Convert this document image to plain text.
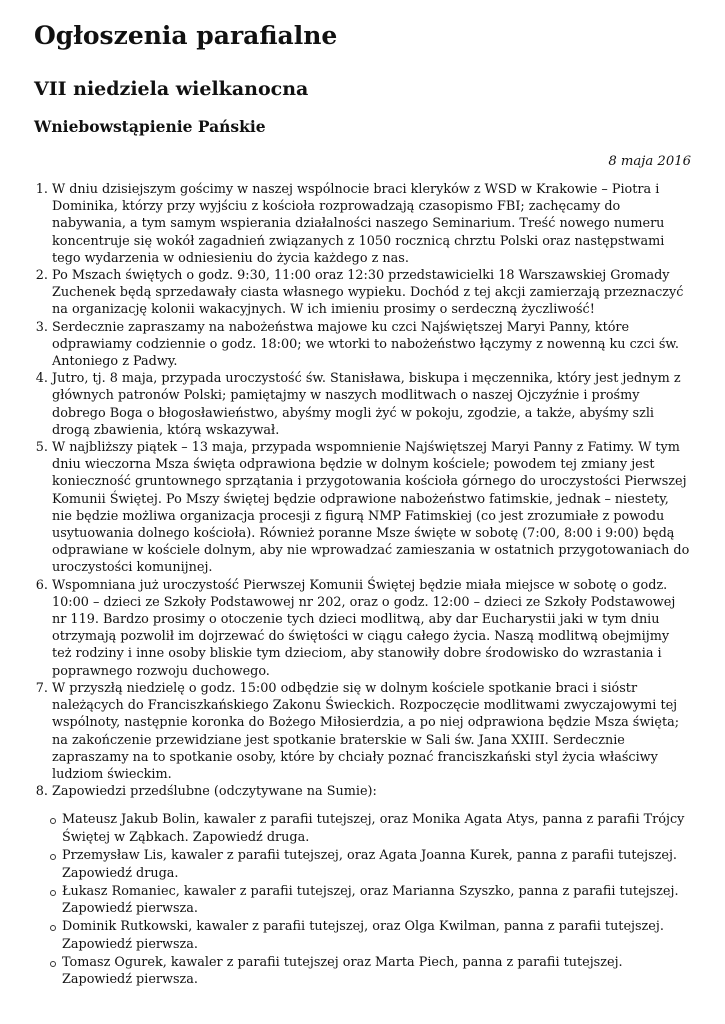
Ogłoszenia parafialne
VII niedziela wielkanocna
Wniebowstąpienie Pańskie
8 maja 2016
1. W dniu dzisiejszym gościmy w naszej wspólnocie braci kleryków z WSD w Krakowie – Piotra i Dominika, którzy przy wyjściu z kościoła rozprowadzają czasopismo FBI; zachęcamy do nabywania, a tym samym wspierania działalności naszego Seminarium. Treść nowego numeru koncentruje się wokół zagadnień związanych z 1050 rocznicą chrztu Polski oraz następstwami tego wydarzenia w odniesieniu do życia każdego z nas.
2. Po Mszach świętych o godz. 9:30, 11:00 oraz 12:30 przedstawicielki 18 Warszawskiej Gromady Zuchenek będą sprzedawały ciasta własnego wypieku. Dochód z tej akcji zamierzają przeznaczyć na organizację kolonii wakacyjnych. W ich imieniu prosimy o serdeczną życzliwość!
3. Serdecznie zapraszamy na nabożeństwa majowe ku czci Najświętszej Maryi Panny, które odprawiamy codziennie o godz. 18:00; we wtorki to nabożeństwo łączymy z nowenną ku czci św. Antoniego z Padwy.
4. Jutro, tj. 8 maja, przypada uroczystość św. Stanisława, biskupa i męczennika, który jest jednym z głównych patronów Polski; pamiętajmy w naszych modlitwach o naszej Ojczyźnie i prośmy dobrego Boga o błogosławieństwo, abyśmy mogli żyć w pokoju, zgodzie, a także, abyśmy szli drogą zbawienia, którą wskazywał.
5. W najbliższy piątek – 13 maja, przypada wspomnienie Najświętszej Maryi Panny z Fatimy. W tym dniu wieczorna Msza święta odprawiona będzie w dolnym kościele; powodem tej zmiany jest konieczność gruntownego sprzątania i przygotowania kościoła górnego do uroczystości Pierwszej Komunii Świętej. Po Mszy świętej będzie odprawione nabożeństwo fatimskie, jednak – niestety, nie będzie możliwa organizacja procesji z figurą NMP Fatimskiej (co jest zrozumiałe z powodu usytuowania dolnego kościoła). Również poranne Msze święte w sobotę (7:00, 8:00 i 9:00) będą odprawiane w kościele dolnym, aby nie wprowadzać zamieszania w ostatnich przygotowaniach do uroczystości komunijnej.
6. Wspomniana już uroczystość Pierwszej Komunii Świętej będzie miała miejsce w sobotę o godz. 10:00 – dzieci ze Szkoły Podstawowej nr 202, oraz o godz. 12:00 – dzieci ze Szkoły Podstawowej nr 119. Bardzo prosimy o otoczenie tych dzieci modlitwą, aby dar Eucharystii jaki w tym dniu otrzymają pozwolił im dojrzewać do świętości w ciągu całego życia. Naszą modlitwą obejmijmy też rodziny i inne osoby bliskie tym dzieciom, aby stanowiły dobre środowisko do wzrastania i poprawnego rozwoju duchowego.
7. W przyszłą niedzielę o godz. 15:00 odbędzie się w dolnym kościele spotkanie braci i sióstr należących do Franciszkańskiego Zakonu Świeckich. Rozpoczęcie modlitwami zwyczajowymi tej wspólnoty, następnie koronka do Bożego Miłosierdzia, a po niej odprawiona będzie Msza święta; na zakończenie przewidziane jest spotkanie braterskie w Sali św. Jana XXIII. Serdecznie zapraszamy na to spotkanie osoby, które by chciały poznać franciszkański styl życia właściwy ludziom świeckim.
8. Zapowiedzi przedślubne (odczytywane na Sumie):
Mateusz Jakub Bolin, kawaler z parafii tutejszej, oraz Monika Agata Atys, panna z parafii Trójcy Świętej w Ząbkach. Zapowiedź druga.
Przemysław Lis, kawaler z parafii tutejszej, oraz Agata Joanna Kurek, panna z parafii tutejszej. Zapowiedź druga.
Łukasz Romaniec, kawaler z parafii tutejszej, oraz Marianna Szyszko, panna z parafii tutejszej. Zapowiedź pierwsza.
Dominik Rutkowski, kawaler z parafii tutejszej, oraz Olga Kwilman, panna z parafii tutejszej. Zapowiedź pierwsza.
Tomasz Ogurek, kawaler z parafii tutejszej oraz Marta Piech, panna z parafii tutejszej. Zapowiedź pierwsza.
